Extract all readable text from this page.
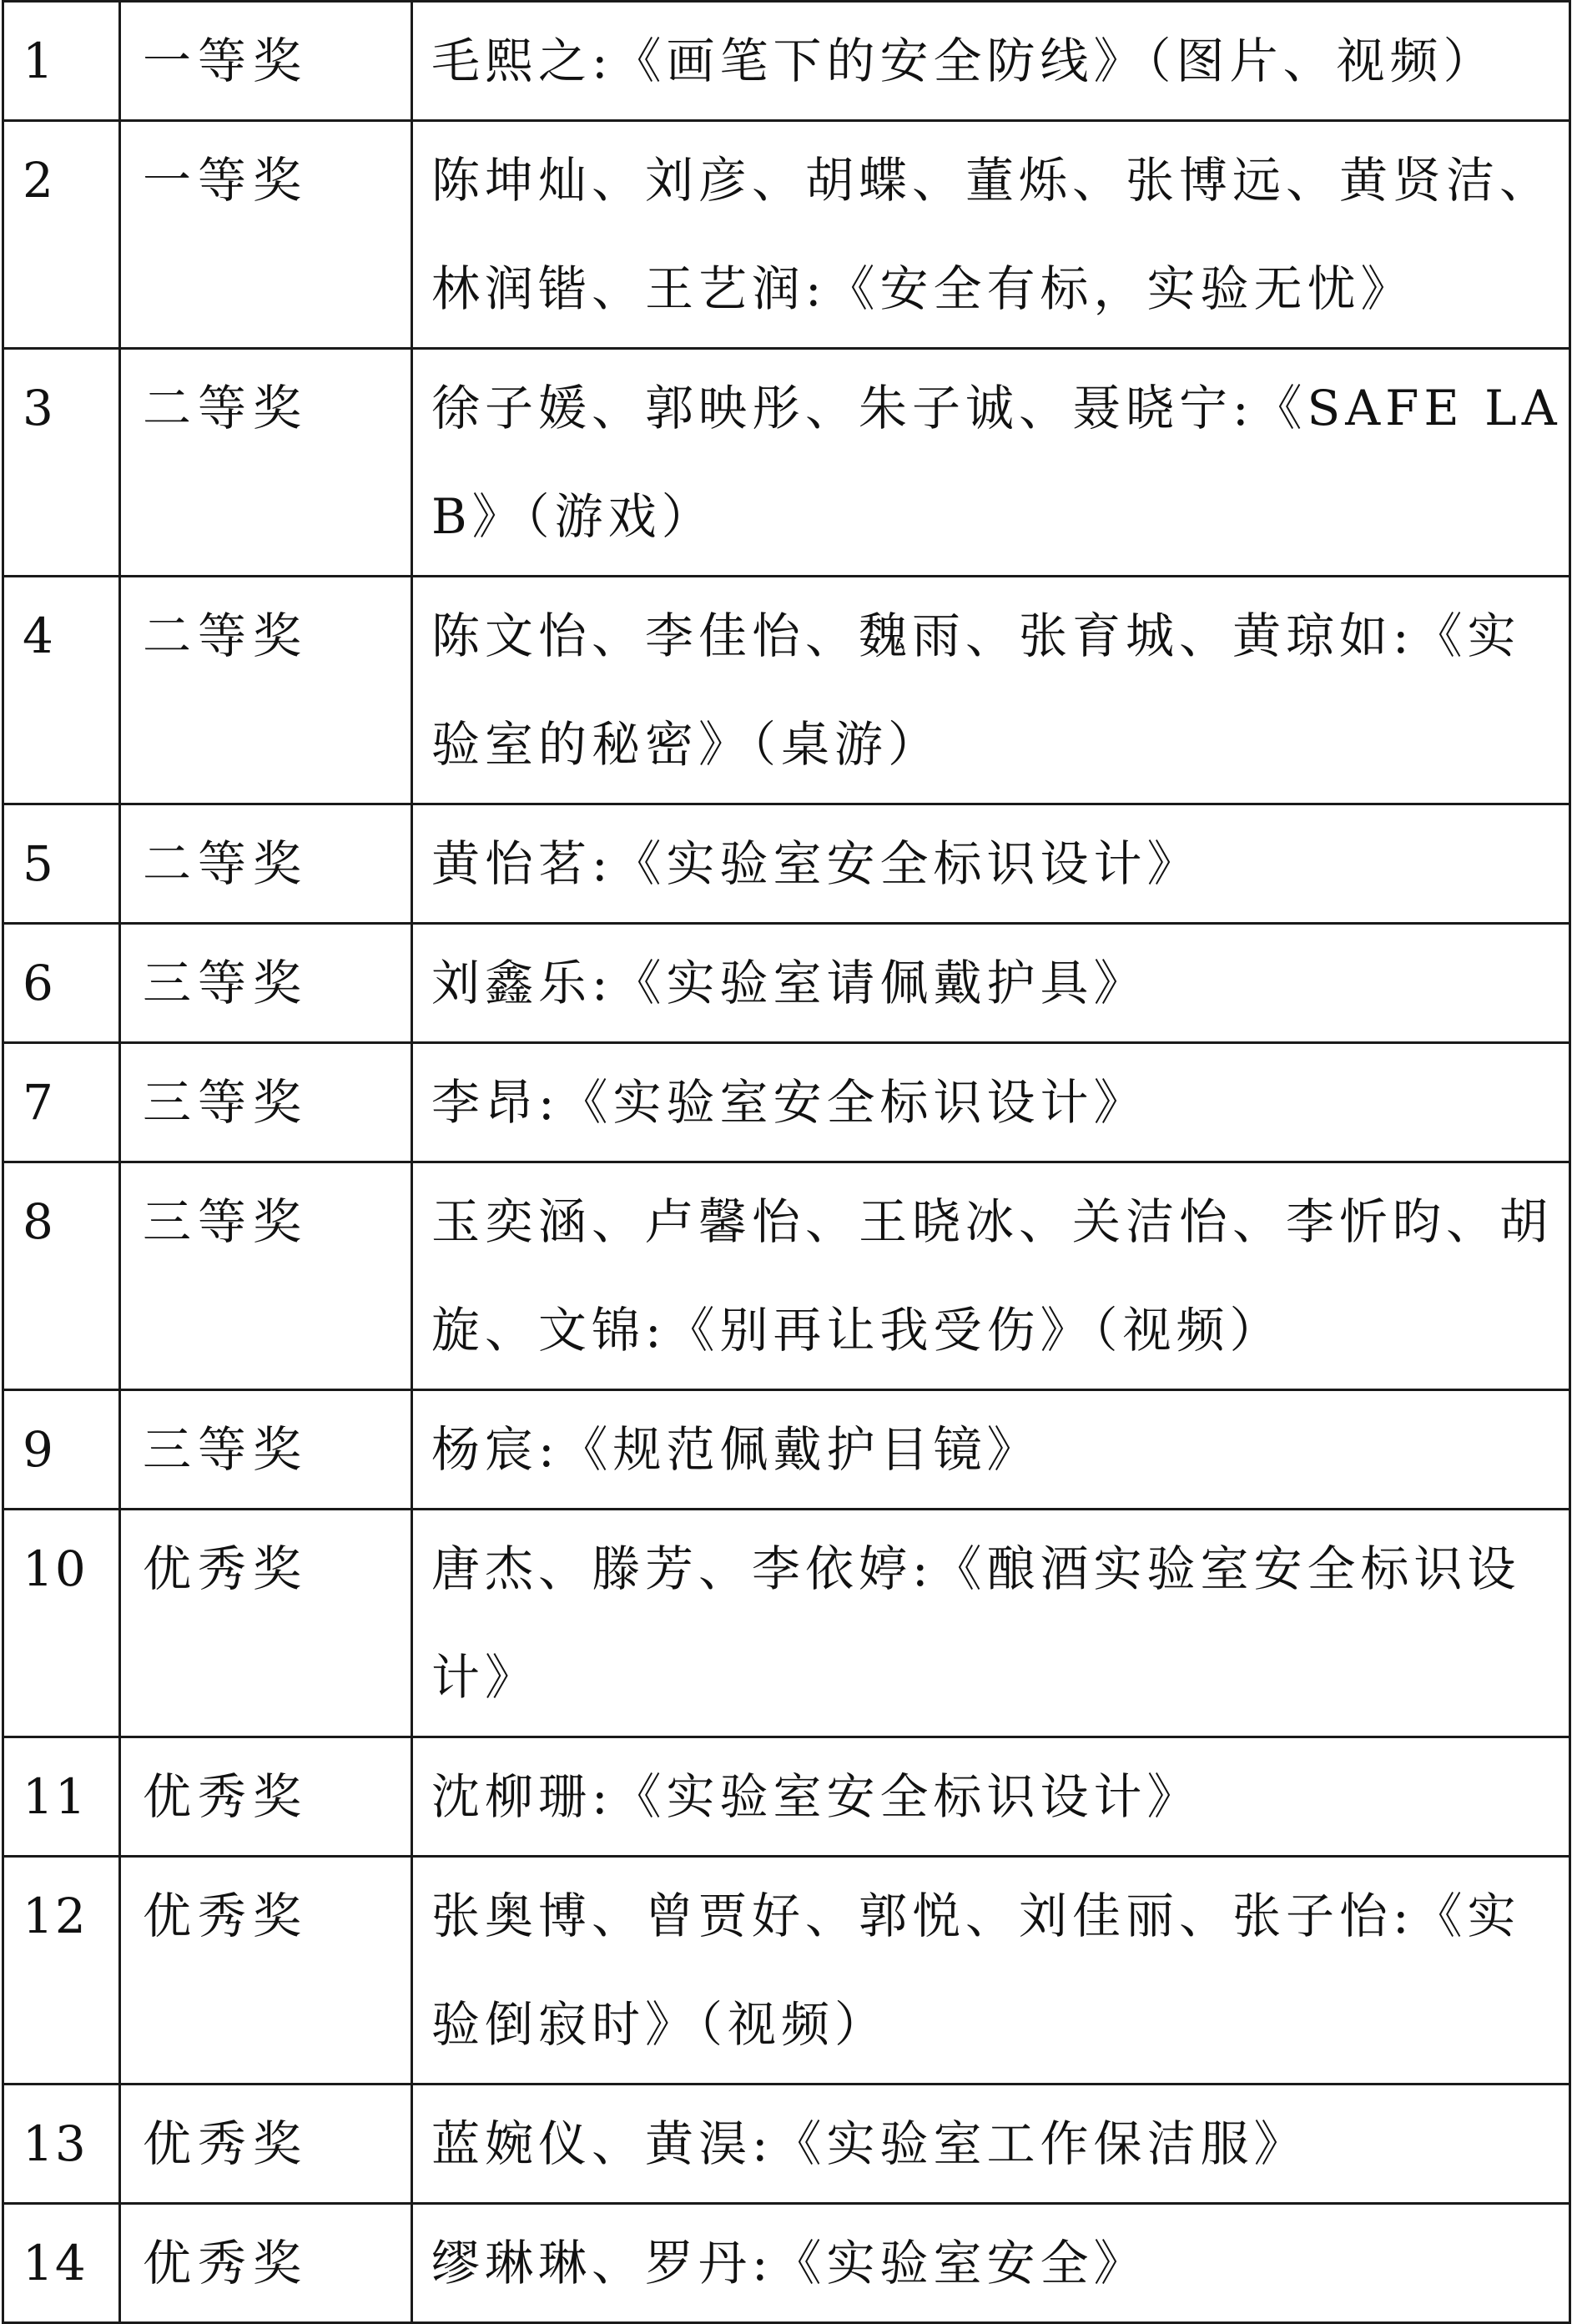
1	一等奖	毛熙之:《画笔下的安全防线》（图片、视频）
2	一等奖	陈坤灿、刘彦、胡蝶、董烁、张博远、黄贤洁、林润锴、王艺润:《安全有标，实验无忧》
3	二等奖	徐子媛、郭映彤、朱子诚、聂晓宁:《SAFE LAB》（游戏）
4	二等奖	陈文怡、李佳怡、魏雨、张育城、黄琼如:《实验室的秘密》（桌游）
5	二等奖	黄怡茗:《实验室安全标识设计》
6	三等奖	刘鑫乐:《实验室请佩戴护具》
7	三等奖	李昂:《实验室安全标识设计》
8	三等奖	玉奕涵、卢馨怡、王晓冰、关洁怡、李忻昀、胡旋、文锦:《别再让我受伤》（视频）
9	三等奖	杨宸:《规范佩戴护目镜》
10	优秀奖	唐杰、滕芳、李依婷:《酿酒实验室安全标识设计》
11	优秀奖	沈柳珊:《实验室安全标识设计》
12	优秀奖	张奥博、曾贾好、郭悦、刘佳丽、张子怡:《实验倒寂时》（视频）
13	优秀奖	蓝婉仪、黄淏:《实验室工作保洁服》
14	优秀奖	缪琳琳、罗丹:《实验室安全》
